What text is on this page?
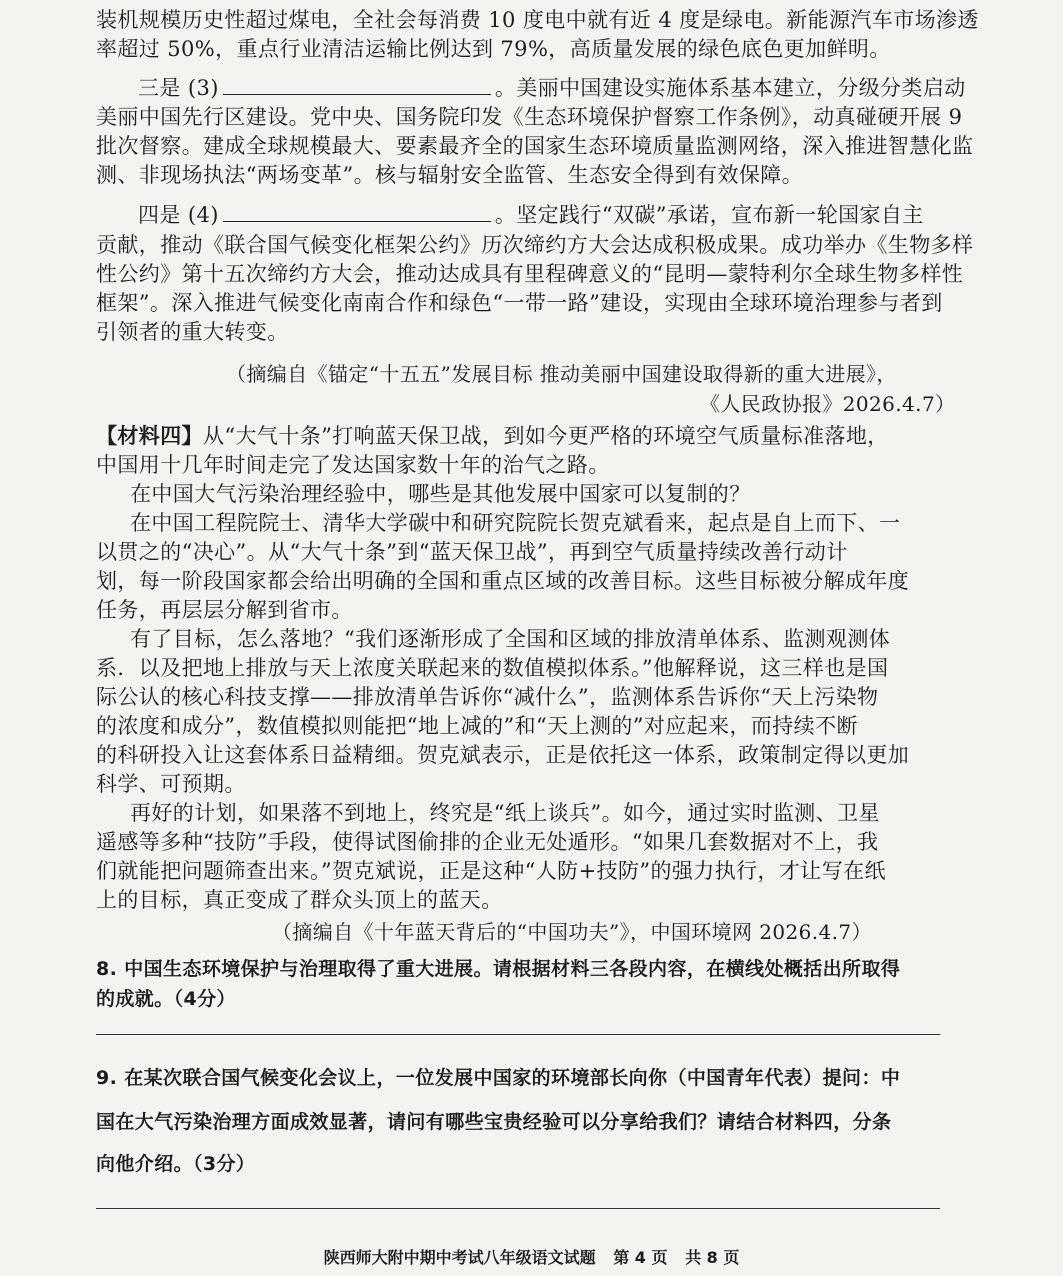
装机规模历史性超过煤电，全社会每消费 10 度电中就有近 4 度是绿电。新能源汽车市场渗透
率超过 50%，重点行业清洁运输比例达到 79%，高质量发展的绿色底色更加鲜明。
三是 (3)	。美丽中国建设实施体系基本建立，分级分类启动
美丽中国先行区建设。党中央、国务院印发《生态环境保护督察工作条例》，动真碰硬开展 9
批次督察。建成全球规模最大、要素最齐全的国家生态环境质量监测网络，深入推进智慧化监
测、非现场执法“两场变革”。核与辐射安全监管、生态安全得到有效保障。
四是 (4)	。坚定践行“双碳”承诺，宣布新一轮国家自主
贡献，推动《联合国气候变化框架公约》历次缔约方大会达成积极成果。成功举办《生物多样
性公约》第十五次缔约方大会，推动达成具有里程碑意义的“昆明—蒙特利尔全球生物多样性
框架”。深入推进气候变化南南合作和绿色“一带一路”建设，实现由全球环境治理参与者到
引领者的重大转变。
（摘编自《锚定“十五五”发展目标 推动美丽中国建设取得新的重大进展》，
《人民政协报》2026.4.7）
【材料四】从“大气十条”打响蓝天保卫战，到如今更严格的环境空气质量标准落地，
中国用十几年时间走完了发达国家数十年的治气之路。
在中国大气污染治理经验中，哪些是其他发展中国家可以复制的？
在中国工程院院士、清华大学碳中和研究院院长贺克斌看来，起点是自上而下、一
以贯之的“决心”。从“大气十条”到“蓝天保卫战”，再到空气质量持续改善行动计
划，每一阶段国家都会给出明确的全国和重点区域的改善目标。这些目标被分解成年度
任务，再层层分解到省市。
有了目标，怎么落地？“我们逐渐形成了全国和区域的排放清单体系、监测观测体
系．以及把地上排放与天上浓度关联起来的数值模拟体系。”他解释说，这三样也是国
际公认的核心科技支撑——排放清单告诉你“减什么”，监测体系告诉你“天上污染物
的浓度和成分”，数值模拟则能把“地上减的”和“天上测的”对应起来，而持续不断
的科研投入让这套体系日益精细。贺克斌表示，正是依托这一体系，政策制定得以更加
科学、可预期。
再好的计划，如果落不到地上，终究是“纸上谈兵”。如今，通过实时监测、卫星
遥感等多种“技防”手段，使得试图偷排的企业无处遁形。“如果几套数据对不上，我
们就能把问题筛查出来。”贺克斌说，正是这种“人防+技防”的强力执行，才让写在纸
上的目标，真正变成了群众头顶上的蓝天。
（摘编自《十年蓝天背后的“中国功夫”》，中国环境网 2026.4.7）
8. 中国生态环境保护与治理取得了重大进展。请根据材料三各段内容，在横线处概括出所取得
的成就。（4分）
9. 在某次联合国气候变化会议上，一位发展中国家的环境部长向你（中国青年代表）提问：中
国在大气污染治理方面成效显著，请问有哪些宝贵经验可以分享给我们？请结合材料四，分条
向他介绍。（3分）
陕西师大附中期中考试八年级语文试题 第 4 页 共 8 页
